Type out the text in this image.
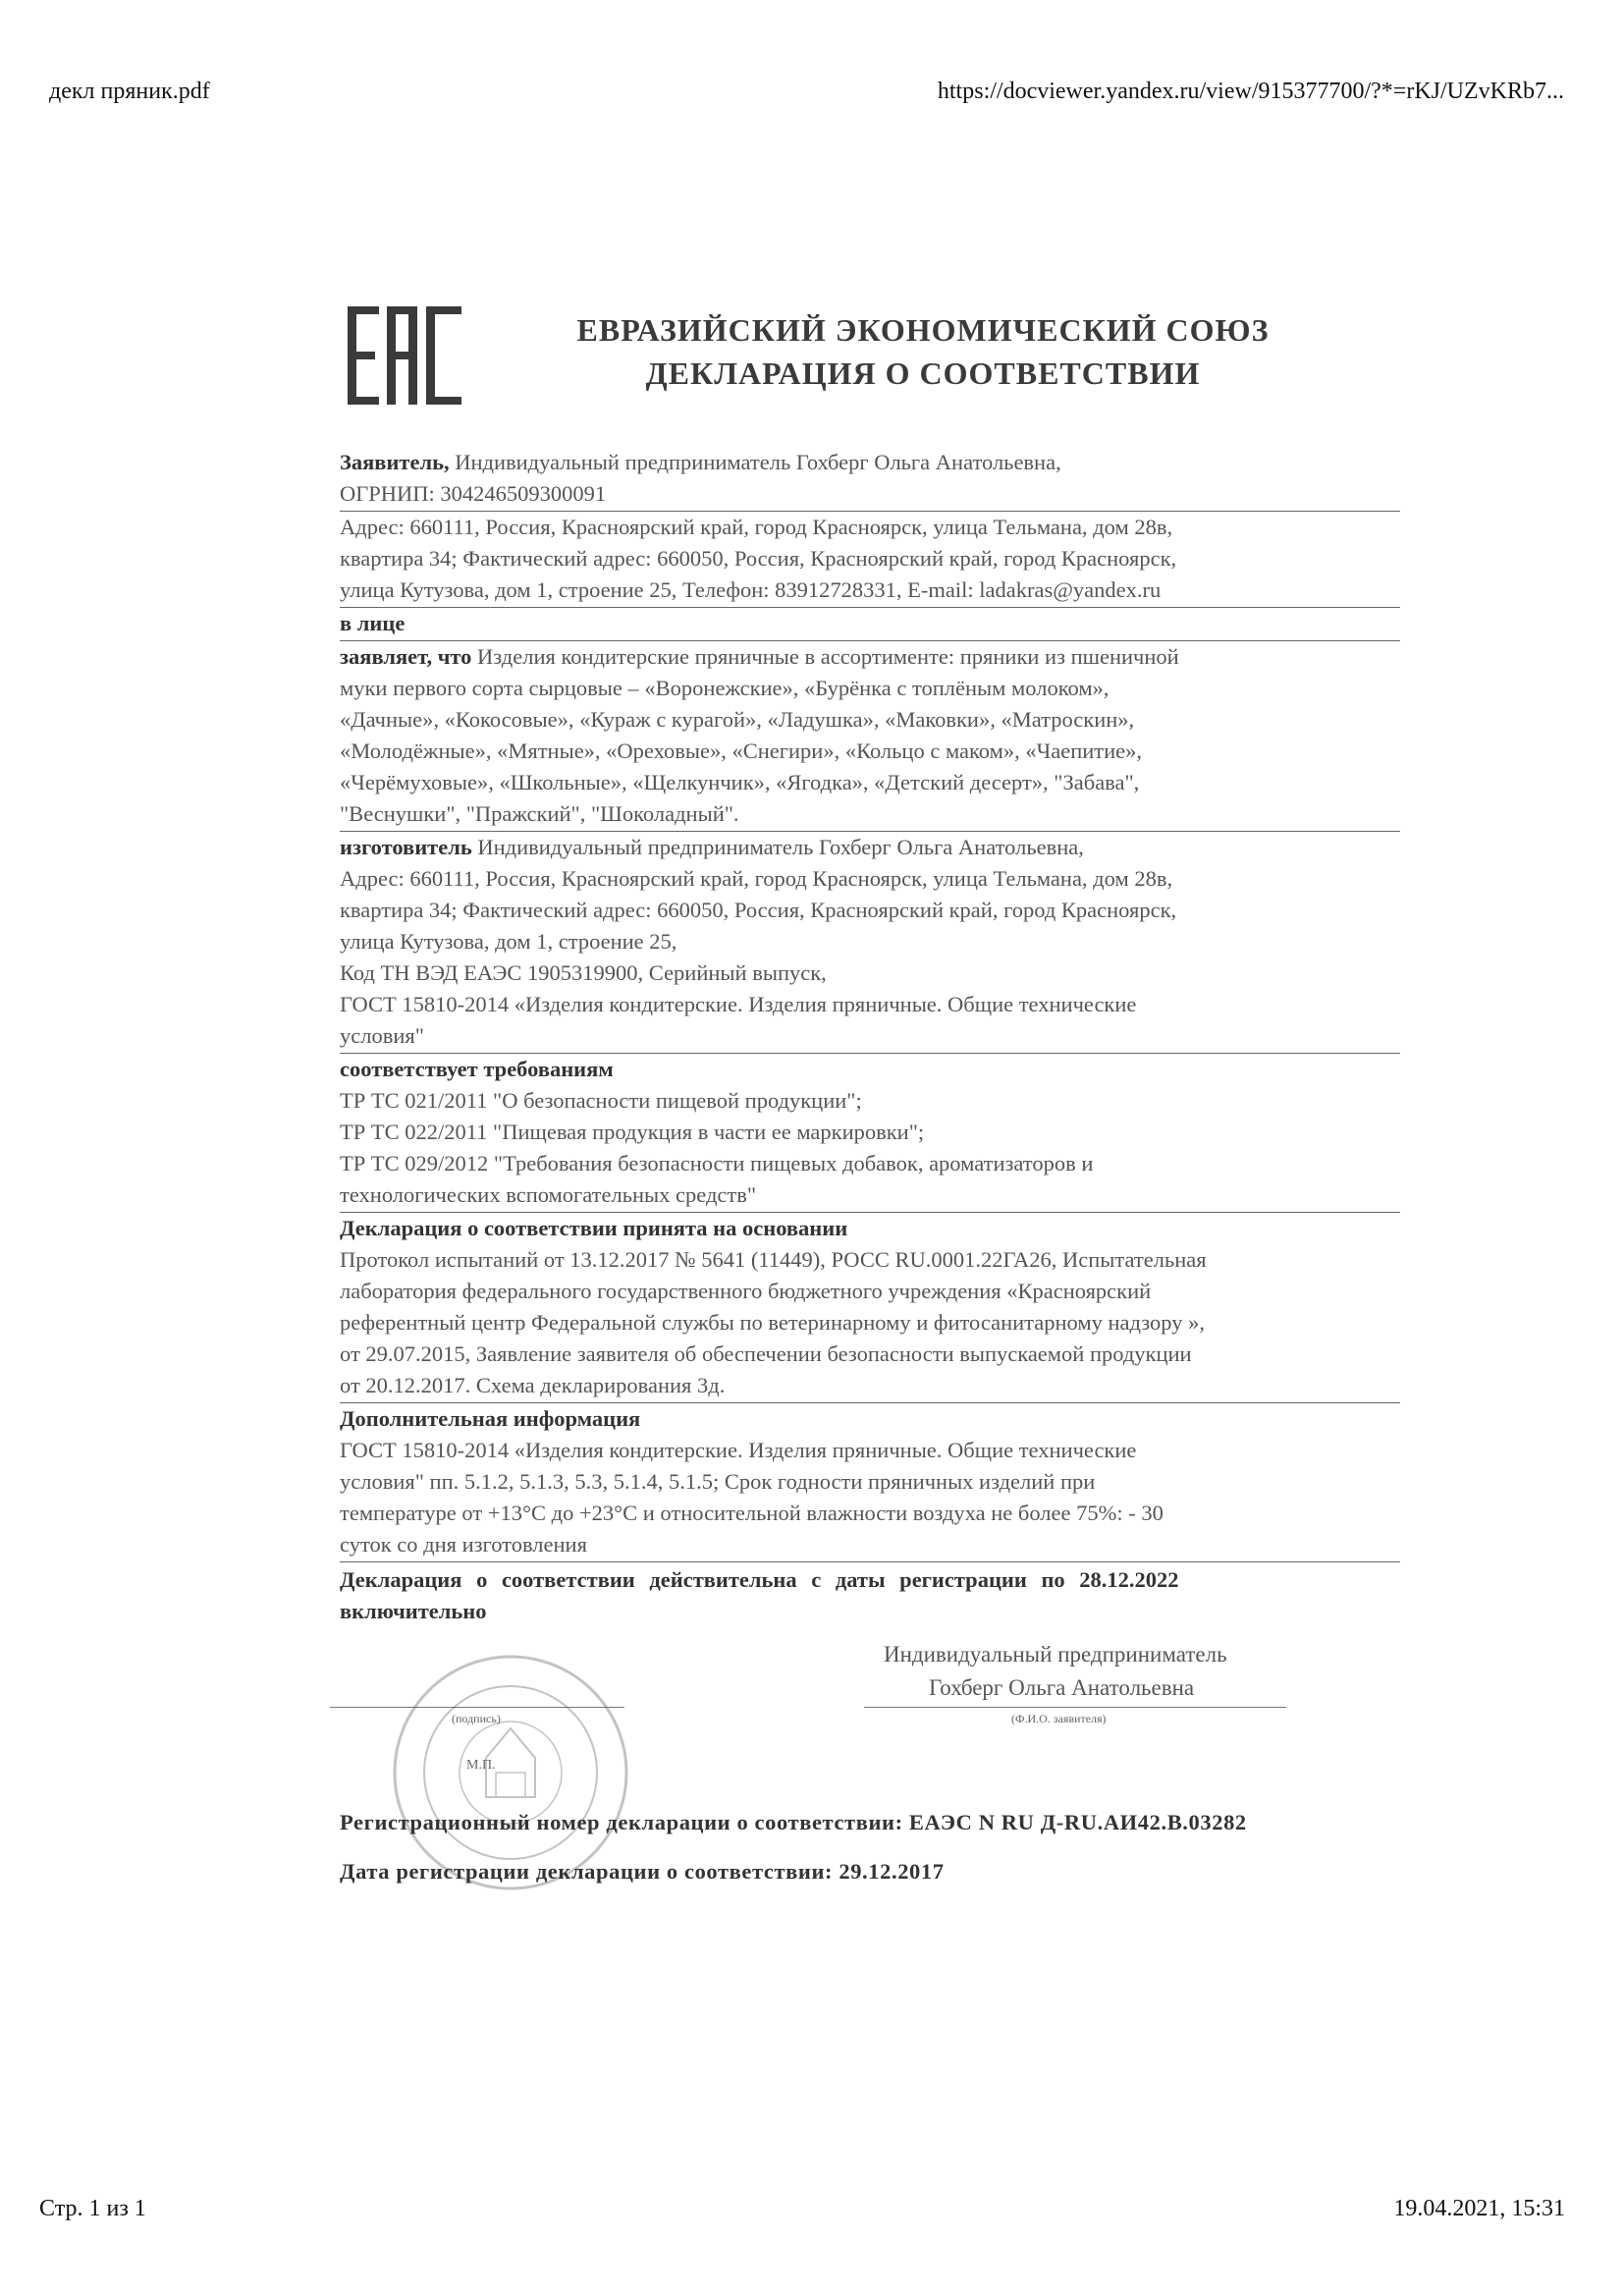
декл пряник.pdf	https://docviewer.yandex.ru/view/915377700/?*=rKJ/UZvKRb7...
ЕВРАЗИЙСКИЙ ЭКОНОМИЧЕСКИЙ СОЮЗ
ДЕКЛАРАЦИЯ О СООТВЕТСТВИИ

Заявитель, Индивидуальный предприниматель Гохберг Ольга Анатольевна,

ОГРНИП: 304246509300091

Адрес: 660111, Россия, Красноярский край, город Красноярск, улица Тельмана, дом 28в,

квартира 34; Фактический адрес: 660050, Россия, Красноярский край, город Красноярск,

улица Кутузова, дом 1, строение 25, Телефон: 83912728331, E-mail: ladakras@yandex.ru

в лице

заявляет, что Изделия кондитерские пряничные в ассортименте: пряники из пшеничной

муки первого сорта сырцовые – «Воронежские», «Бурёнка с топлёным молоком»,

«Дачные», «Кокосовые», «Кураж с курагой», «Ладушка», «Маковки», «Матроскин»,

«Молодёжные», «Мятные», «Ореховые», «Снегири», «Кольцо с маком», «Чаепитие»,

«Черёмуховые», «Школьные», «Щелкунчик», «Ягодка», «Детский десерт», "Забава",

"Веснушки", "Пражский", "Шоколадный".

изготовитель Индивидуальный предприниматель Гохберг Ольга Анатольевна,

Адрес: 660111, Россия, Красноярский край, город Красноярск, улица Тельмана, дом 28в,

квартира 34; Фактический адрес: 660050, Россия, Красноярский край, город Красноярск,

улица Кутузова, дом 1, строение 25,

Код ТН ВЭД ЕАЭС 1905319900, Серийный выпуск,

ГОСТ 15810-2014 «Изделия кондитерские. Изделия пряничные. Общие технические

условия"

соответствует требованиям

ТР ТС 021/2011 "О безопасности пищевой продукции";

ТР ТС 022/2011 "Пищевая продукция в части ее маркировки";

ТР ТС 029/2012 "Требования безопасности пищевых добавок, ароматизаторов и

технологических вспомогательных средств"

Декларация о соответствии принята на основании

Протокол испытаний от 13.12.2017 № 5641 (11449), РОСС RU.0001.22ГА26, Испытательная

лаборатория федерального государственного бюджетного учреждения «Красноярский

референтный центр Федеральной службы по ветеринарному и фитосанитарному надзору »,

от 29.07.2015, Заявление заявителя об обеспечении безопасности выпускаемой продукции

от 20.12.2017. Схема декларирования 3д.

Дополнительная информация

ГОСТ 15810-2014 «Изделия кондитерские. Изделия пряничные. Общие технические

условия" пп. 5.1.2, 5.1.3, 5.3, 5.1.4, 5.1.5; Срок годности пряничных изделий при

температуре от +13°С до +23°С и относительной влажности воздуха не более 75%: - 30

суток со дня изготовления

Декларация о соответствии действительна с даты регистрации по 28.12.2022

включительно

Индивидуальный предприниматель
Гохберг Ольга Анатольевна
(Ф.И.О. заявителя)
(подпись)
М.П.
Регистрационный номер декларации о соответствии: ЕАЭС N RU Д-RU.АИ42.В.03282
Дата регистрации декларации о соответствии: 29.12.2017
Стр. 1 из 1	19.04.2021, 15:31
